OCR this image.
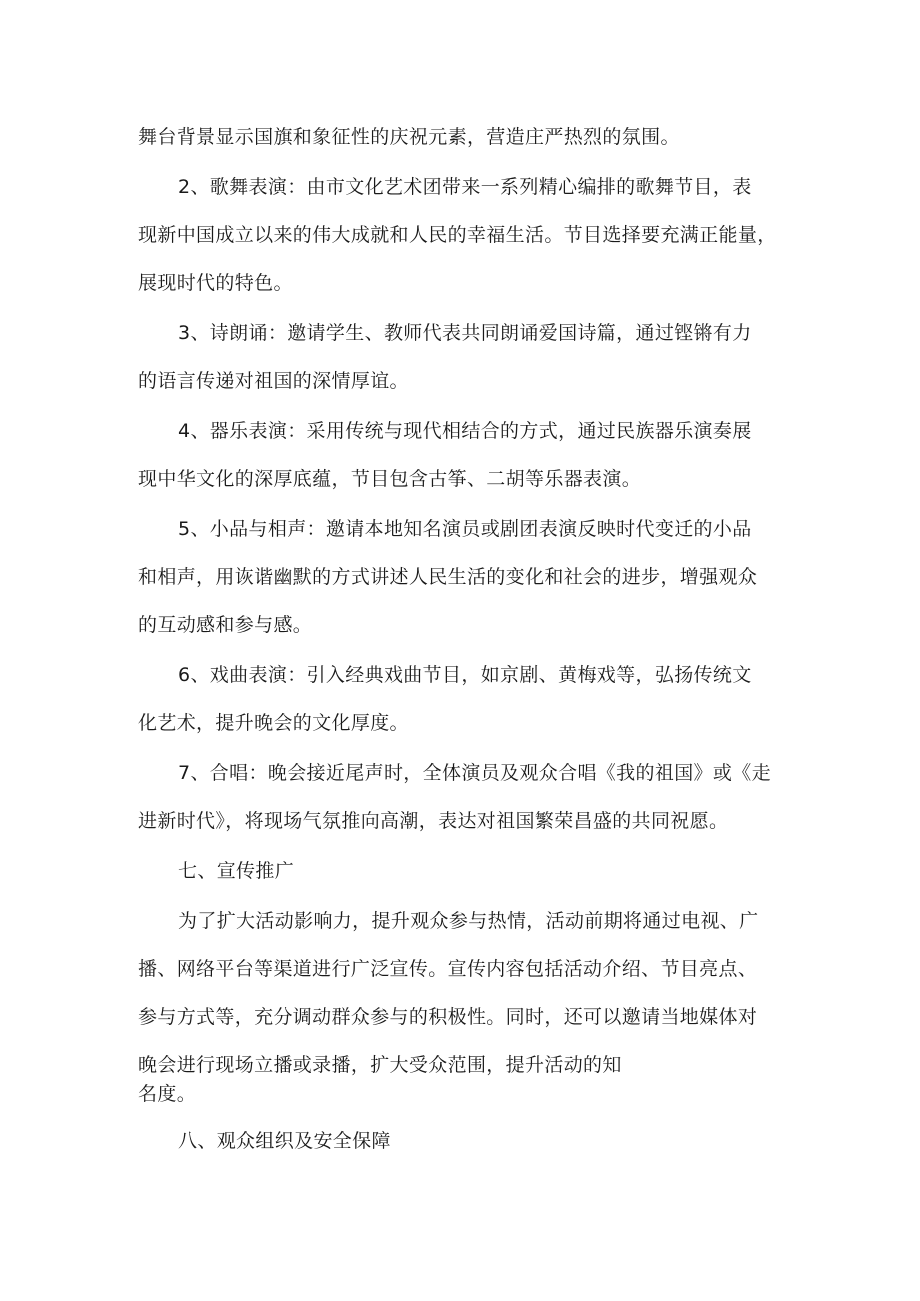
舞台背景显示国旗和象征性的庆祝元素，营造庄严热烈的氛围。
2、歌舞表演：由市文化艺术团带来一系列精心编排的歌舞节目，表
现新中国成立以来的伟大成就和人民的幸福生活。节目选择要充满正能量，
展现时代的特色。
3、诗朗诵：邀请学生、教师代表共同朗诵爱国诗篇，通过铿锵有力
的语言传递对祖国的深情厚谊。
4、器乐表演：采用传统与现代相结合的方式，通过民族器乐演奏展
现中华文化的深厚底蕴，节目包含古筝、二胡等乐器表演。
5、小品与相声：邀请本地知名演员或剧团表演反映时代变迁的小品
和相声，用诙谐幽默的方式讲述人民生活的变化和社会的进步，增强观众
的互动感和参与感。
6、戏曲表演：引入经典戏曲节目，如京剧、黄梅戏等，弘扬传统文
化艺术，提升晚会的文化厚度。
7、合唱：晚会接近尾声时，全体演员及观众合唱《我的祖国》或《走
进新时代》，将现场气氛推向高潮，表达对祖国繁荣昌盛的共同祝愿。
七、宣传推广
为了扩大活动影响力，提升观众参与热情，活动前期将通过电视、广
播、网络平台等渠道进行广泛宣传。宣传内容包括活动介绍、节目亮点、
参与方式等，充分调动群众参与的积极性。同时，还可以邀请当地媒体对
晚会进行现场立播或录播，扩大受众范围，提升活动的知
名度。
八、观众组织及安全保障
